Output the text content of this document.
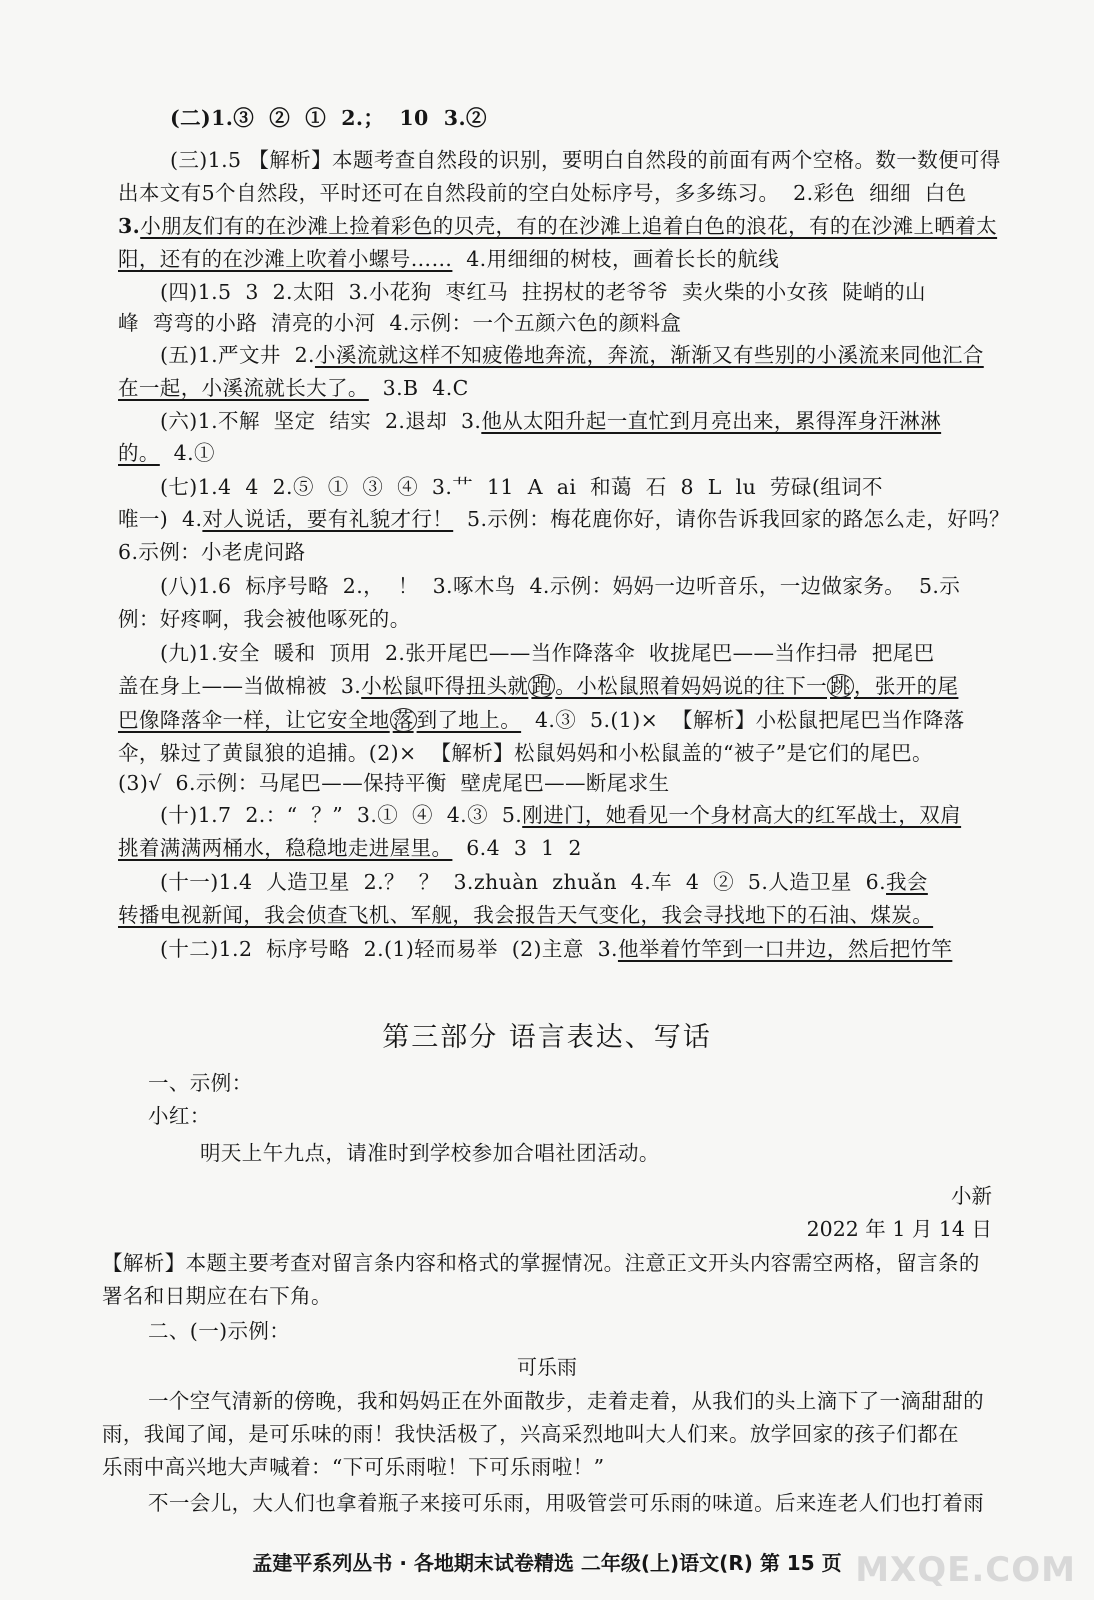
(二)1.③  ②  ①  2.；  10  3.②
(三)1.5 【解析】本题考查自然段的识别，要明白自然段的前面有两个空格。数一数便可得
出本文有5个自然段，平时还可在自然段前的空白处标序号，多多练习。  2.彩色  细细  白色
3.小朋友们有的在沙滩上捡着彩色的贝壳，有的在沙滩上追着白色的浪花，有的在沙滩上晒着太
阳，还有的在沙滩上吹着小螺号……  4.用细细的树枝，画着长长的航线
(四)1.5  3  2.太阳  3.小花狗  枣红马  拄拐杖的老爷爷  卖火柴的小女孩  陡峭的山
峰  弯弯的小路  清亮的小河  4.示例：一个五颜六色的颜料盒
(五)1.严文井  2.小溪流就这样不知疲倦地奔流，奔流，渐渐又有些别的小溪流来同他汇合
在一起，小溪流就长大了。  3.B  4.C
(六)1.不解  坚定  结实  2.退却  3.他从太阳升起一直忙到月亮出来，累得浑身汗淋淋
的。  4.①
(七)1.4  4  2.⑤  ①  ③  ④  3.艹  11  A  ai  和蔼  石  8  L  lu  劳碌(组词不
唯一)  4.对人说话，要有礼貌才行！  5.示例：梅花鹿你好，请你告诉我回家的路怎么走，好吗？
6.示例：小老虎问路
(八)1.6  标序号略  2.，  ！  3.啄木鸟  4.示例：妈妈一边听音乐，一边做家务。  5.示
例：好疼啊，我会被他啄死的。
(九)1.安全  暖和  顶用  2.张开尾巴——当作降落伞  收拢尾巴——当作扫帚  把尾巴
盖在身上——当做棉被  3.小松鼠吓得扭头就 跑 。小松鼠照着妈妈说的往下一 跳 ，张开的尾
巴像降落伞一样，让它安全地 落 到了地上。  4.③  5.(1)×  【解析】小松鼠把尾巴当作降落
伞，躲过了黄鼠狼的追捕。(2)×  【解析】松鼠妈妈和小松鼠盖的“被子”是它们的尾巴。
(3)√  6.示例：马尾巴——保持平衡  壁虎尾巴——断尾求生
(十)1.7  2.：“  ？”  3.①  ④  4.③  5.刚进门，她看见一个身材高大的红军战士，双肩
挑着满满两桶水，稳稳地走进屋里。  6.4  3  1  2
(十一)1.4  人造卫星  2.？  ？  3.zhuàn  zhuǎn  4.车  4  ②  5.人造卫星  6.我会
转播电视新闻，我会侦查飞机、军舰，我会报告天气变化，我会寻找地下的石油、煤炭。
(十二)1.2  标序号略  2.(1)轻而易举  (2)主意  3.他举着竹竿到一口井边，然后把竹竿
第三部分 语言表达、写话
一、示例：
小红：
明天上午九点，请准时到学校参加合唱社团活动。
小新
2022 年 1 月 14 日
【解析】本题主要考查对留言条内容和格式的掌握情况。注意正文开头内容需空两格，留言条的
署名和日期应在右下角。
二、(一)示例：
可乐雨
一个空气清新的傍晚，我和妈妈正在外面散步，走着走着，从我们的头上滴下了一滴甜甜的
雨，我闻了闻，是可乐味的雨！我快活极了，兴高采烈地叫大人们来。放学回家的孩子们都在
乐雨中高兴地大声喊着：“下可乐雨啦！下可乐雨啦！”
不一会儿，大人们也拿着瓶子来接可乐雨，用吸管尝可乐雨的味道。后来连老人们也打着雨
孟建平系列丛书 · 各地期末试卷精选 二年级(上)语文(R) 第 15 页 MXQE.COM
